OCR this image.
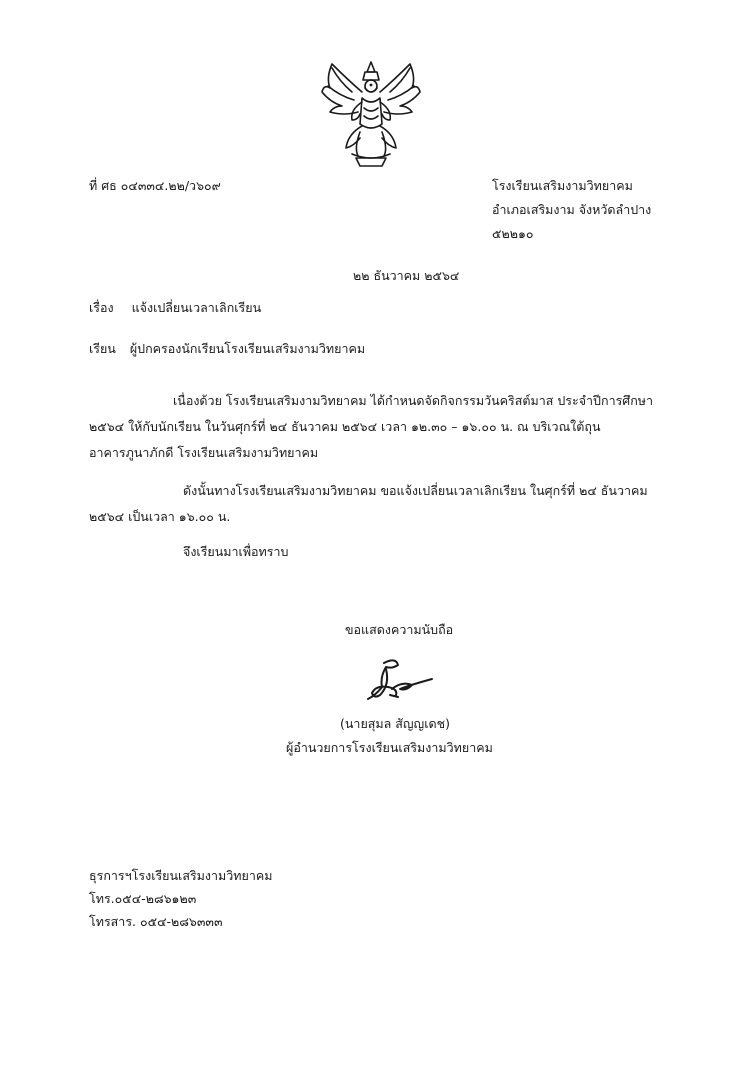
ที่ ศธ ๐๔๓๓๔.๒๒/ว๖๐๙	โรงเรียนเสริมงามวิทยาคม
อำเภอเสริมงาม จังหวัดลำปาง
๕๒๒๑๐
๒๒ ธันวาคม ๒๕๖๔
เรื่อง แจ้งเปลี่ยนเวลาเลิกเรียน
เรียน ผู้ปกครองนักเรียนโรงเรียนเสริมงามวิทยาคม
เนื่องด้วย โรงเรียนเสริมงามวิทยาคม ได้กำหนดจัดกิจกรรมวันคริสต์มาส ประจำปีการศึกษา
๒๕๖๔ ให้กับนักเรียน ในวันศุกร์ที่ ๒๔ ธันวาคม ๒๕๖๔ เวลา ๑๒.๓๐ – ๑๖.๐๐ น. ณ บริเวณใต้ถุน
อาคารภูนาภักดี โรงเรียนเสริมงามวิทยาคม
ดังนั้นทางโรงเรียนเสริมงามวิทยาคม ขอแจ้งเปลี่ยนเวลาเลิกเรียน ในศุกร์ที่ ๒๔ ธันวาคม
๒๕๖๔ เป็นเวลา ๑๖.๐๐ น.
จึงเรียนมาเพื่อทราบ
ขอแสดงความนับถือ
(นายสุมล สัญญเดช)
ผู้อำนวยการโรงเรียนเสริมงามวิทยาคม
ธุรการฯโรงเรียนเสริมงามวิทยาคม
โทร.๐๕๔-๒๘๖๑๒๓
โทรสาร. ๐๕๔-๒๘๖๓๓๓
